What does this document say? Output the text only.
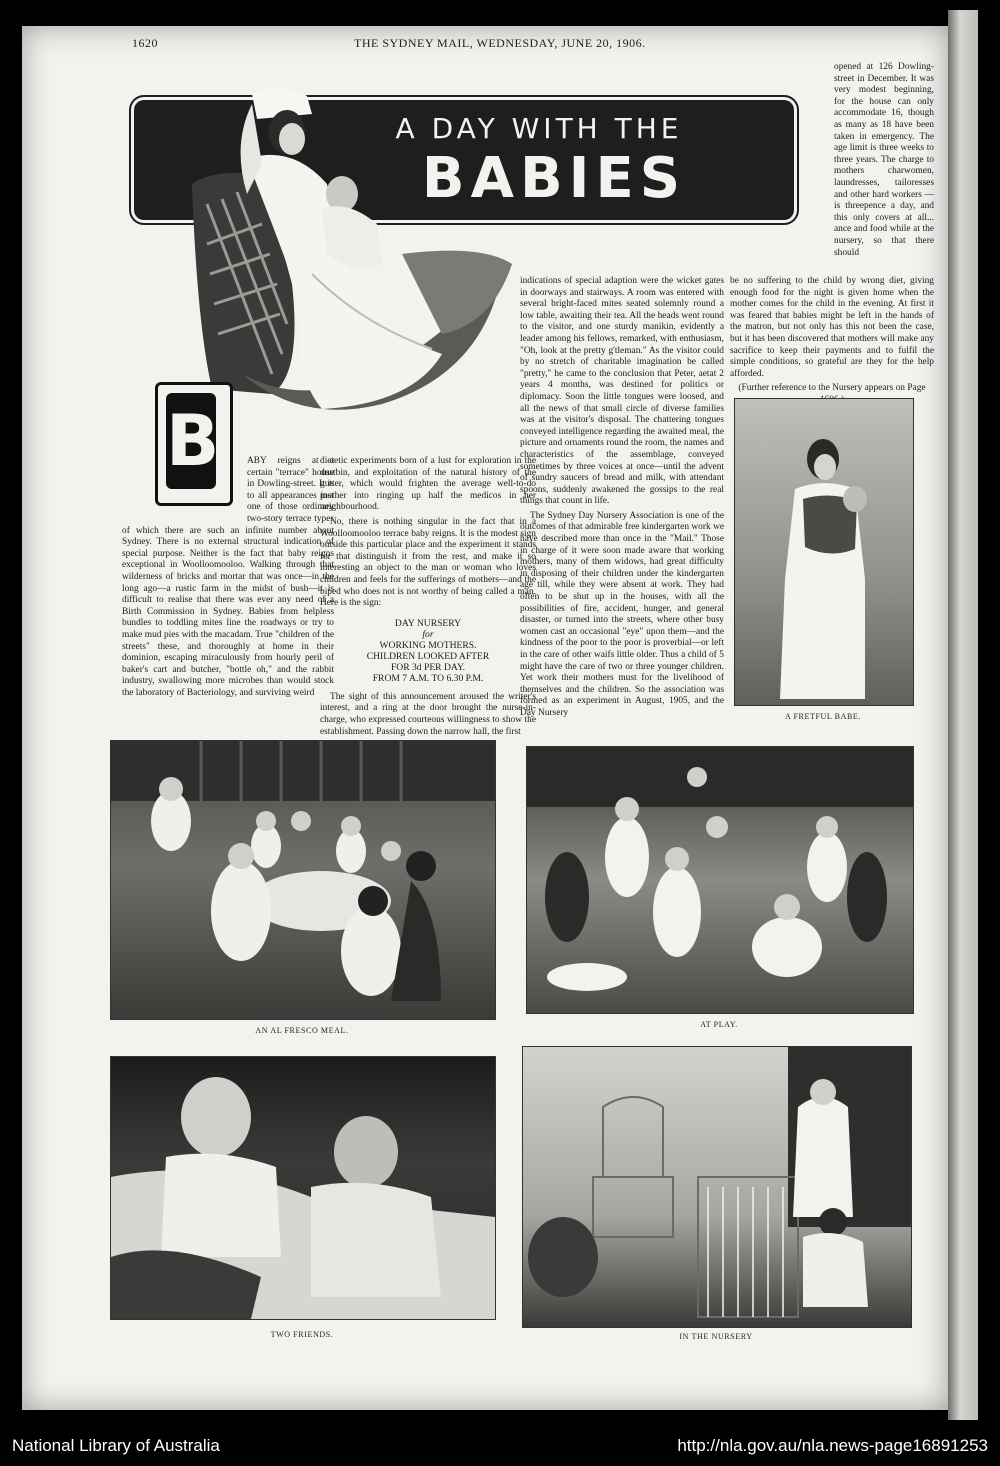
1620	THE SYDNEY MAIL, WEDNESDAY, JUNE 20, 1906.
A DAY WITH THE
BABIES
B	ABY reigns at a certain "terrace" house in Dowling-street. It is to all appearances just one of those ordinary two-story terrace types of which there are such an infinite number about Sydney. There is no external structural indication of special purpose. Neither is the fact that baby reigns exceptional in Woolloomooloo. Walking through that wilderness of bricks and mortar that was once—in the long ago—a rustic farm in the midst of bush—it is difficult to realise that there was ever any need of a Birth Commission in Sydney. Babies from helpless bundles to toddling mites line the roadways or try to make mud pies with the macadam. True "children of the streets" these, and thoroughly at home in their dominion, escaping miraculously from hourly peril of baker's cart and butcher, "bottle oh," and the rabbit industry, swallowing more microbes than would stock the laboratory of Bacteriology, and surviving weird

dietetic experiments born of a lust for exploration in the dustbin, and exploitation of the natural history of the gutter, which would frighten the average well-to-do mother into ringing up half the medicos in her neighbourhood.

No, there is nothing singular in the fact that in a Woolloomooloo terrace baby reigns. It is the modest sign outside this particular place and the experiment it stands for that distinguish it from the rest, and make it so interesting an object to the man or woman who loves children and feels for the sufferings of mothers—and the biped who does not is not worthy of being called a man. Here is the sign:

DAY NURSERY
for
WORKING MOTHERS.
CHILDREN LOOKED AFTER
FOR 3d PER DAY.
FROM 7 A.M. TO 6.30 P.M.

The sight of this announcement aroused the writer's interest, and a ring at the door brought the nurse-in-charge, who expressed courteous willingness to show the establishment. Passing down the narrow hall, the first

indications of special adaption were the wicket gates in doorways and stairways. A room was entered with several bright-faced mites seated solemnly round a low table, awaiting their tea. All the heads went round to the visitor, and one sturdy manikin, evidently a leader among his fellows, remarked, with enthusiasm, "Oh, look at the pretty g'tleman." As the visitor could by no stretch of charitable imagination be called "pretty," he came to the conclusion that Peter, aetat 2 years 4 months, was destined for politics or diplomacy. Soon the little tongues were loosed, and all the news of that small circle of diverse families was at the visitor's disposal. The chattering tongues conveyed intelligence regarding the awaited meal, the picture and ornaments round the room, the names and characteristics of the assemblage, conveyed sometimes by three voices at once—until the advent of sundry saucers of bread and milk, with attendant spoons, suddenly awakened the gossips to the real things that count in life.

The Sydney Day Nursery Association is one of the outcomes of that admirable free kindergarten work we have described more than once in the "Mail." Those in charge of it were soon made aware that working mothers, many of them widows, had great difficulty in disposing of their children under the kindergarten age till, while they were absent at work. They had often to be shut up in the houses, with all the possibilities of fire, accident, hunger, and general disaster, or turned into the streets, where other busy women cast an occasional "eye" upon them—and the kindness of the poor to the poor is proverbial—or left in the care of other waifs little older. Thus a child of 5 might have the care of two or three younger children. Yet work their mothers must for the livelihood of themselves and the children. So the association was formed as an experiment in August, 1905, and the Day Nursery

opened at 126 Dowling-street in December. It was very modest beginning, for the house can only accommodate 16, though as many as 18 have been taken in emergency. The age limit is three weeks to three years. The charge to mothers charwomen, laundresses, tailoresses and other hard workers — is threepence a day, and this only covers at all... ance and food while at the nursery, so that there should

be no suffering to the child by wrong diet, giving enough food for the night is given home when the mother comes for the child in the evening. At first it was feared that babies might be left in the hands of the matron, but not only has this not been the case, but it has been discovered that mothers will make any sacrifice to keep their payments and to fulfil the simple conditions, so grateful are they for the help afforded.

(Further reference to the Nursery appears on Page

A FRETFUL BABE.
AN AL FRESCO MEAL.
AT PLAY.
TWO FRIENDS.	IN THE NURSERY
National Library of Australia	http://nla.gov.au/nla.news-page16891253
